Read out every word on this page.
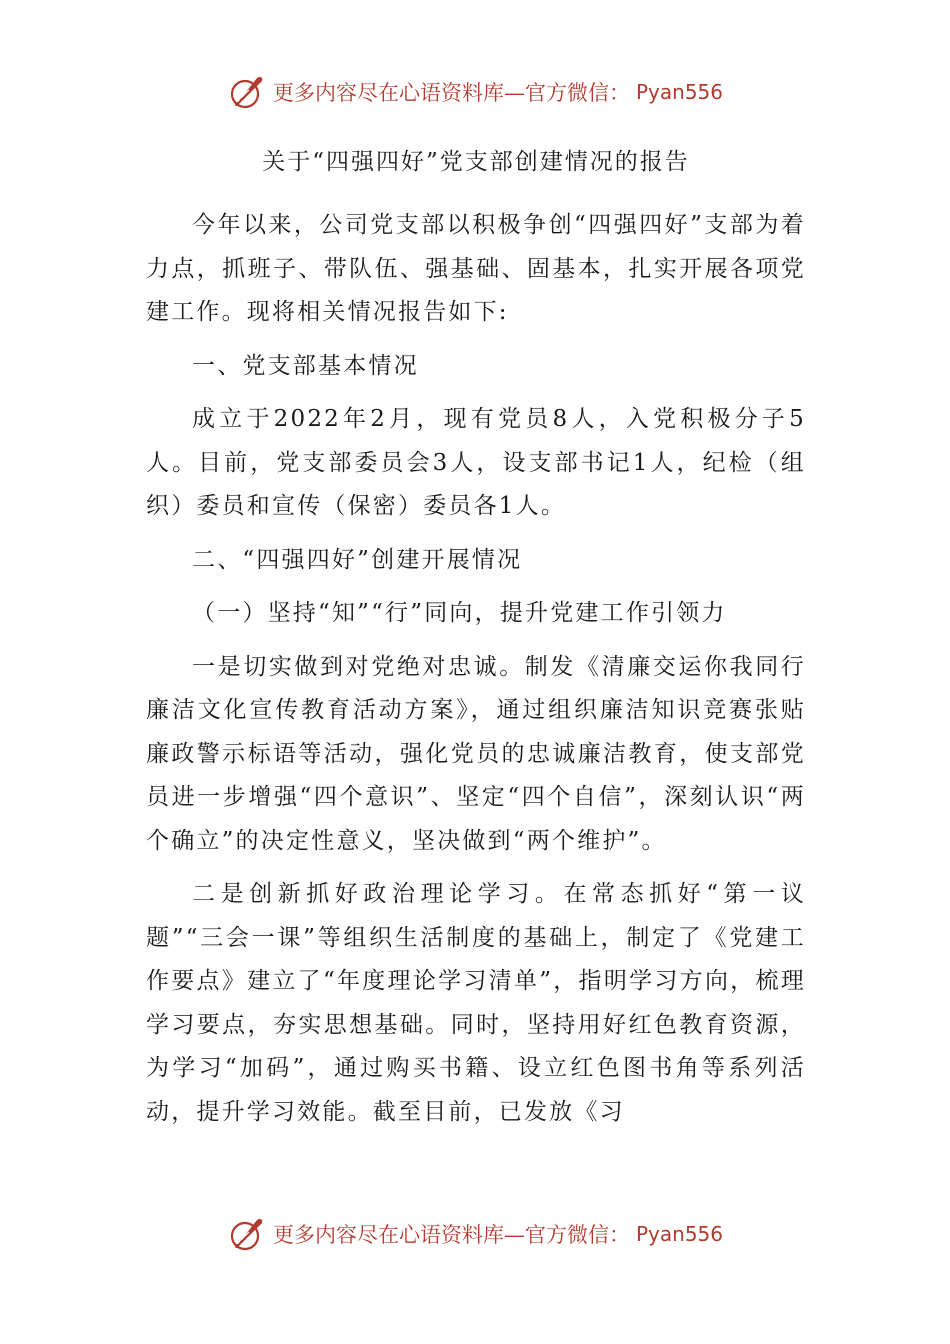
更多内容尽在心语资料库—官方微信： Pyan556
关于“四强四好”党支部创建情况的报告

今年以来，公司党支部以积极争创“四强四好”支部为着力点，抓班子、带队伍、强基础、固基本，扎实开展各项党建工作。现将相关情况报告如下:

一、党支部基本情况

成立于2022年2月，现有党员8人，入党积极分子5人。目前，党支部委员会3人，设支部书记1人，纪检（组织）委员和宣传（保密）委员各1人。

二、“四强四好”创建开展情况

（一）坚持“知”“行”同向，提升党建工作引领力

一是切实做到对党绝对忠诚。制发《清廉交运你我同行廉洁文化宣传教育活动方案》，通过组织廉洁知识竞赛张贴廉政警示标语等活动，强化党员的忠诚廉洁教育，使支部党员进一步增强“四个意识”、坚定“四个自信”，深刻认识“两个确立”的决定性意义，坚决做到“两个维护”。

二是创新抓好政治理论学习。在常态抓好“第一议题”“三会一课”等组织生活制度的基础上，制定了《党建工作要点》建立了“年度理论学习清单”，指明学习方向，梳理学习要点，夯实思想基础。同时，坚持用好红色教育资源，为学习“加码”，通过购买书籍、设立红色图书角等系列活动，提升学习效能。截至目前，已发放《习

更多内容尽在心语资料库—官方微信： Pyan556
